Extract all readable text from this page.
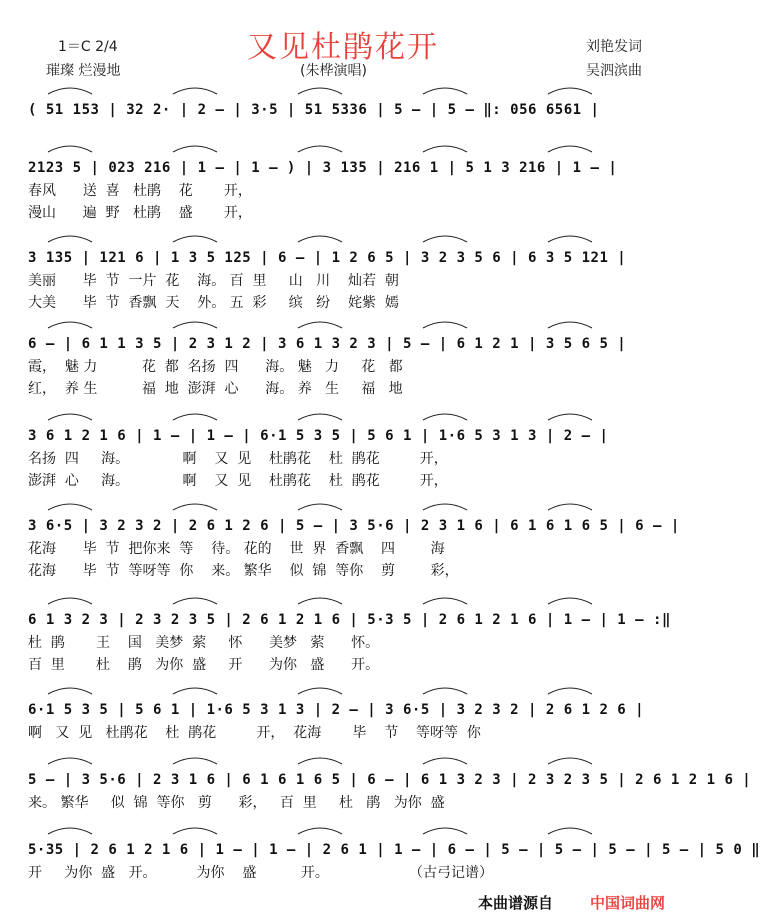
又见杜鹃花开
1＝C 2/4
璀璨 烂漫地	(朱桦演唱)
刘艳发词
吴泗滨曲
( 51 153 | 32 2· | 2 – | 3·5 | 51 5336 | 5 – | 5 – ‖: 056 6561 |
2123 5 | 023 216 | 1 – | 1 – ) | 3 135 | 216 1 | 5 1 3 216 | 1 – |
春风      送  喜   杜鹃    花       开，
漫山      遍  野   杜鹃    盛       开，
3 135 | 121 6 | 1 3 5 125 | 6 – | 1 2 6 5 | 3 2 3 5 6 | 6 3 5 121 |
美丽      毕  节  一片  花    海。 百  里     山   川    灿若  朝
大美      毕  节  香飘  天    外。 五  彩     缤   纷    姹紫  嫣
6 – | 6 1 1 3 5 | 2 3 1 2 | 3 6 1 3 2 3 | 5 – | 6 1 2 1 | 3 5 6 5 |
霞，  魅 力          花  都  名扬  四      海。 魅   力     花   都
红，  养 生          福  地  澎湃  心      海。 养   生     福   地
3 6 1 2 1 6 | 1 – | 1 – | 6·1 5 3 5 | 5 6 1 | 1·6 5 3 1 3 | 2 – |
名扬  四     海。            啊    又  见    杜鹃花    杜  鹃花         开，
澎湃  心     海。            啊    又  见    杜鹃花    杜  鹃花         开，
3 6·5 | 3 2 3 2 | 2 6 1 2 6 | 5 – | 3 5·6 | 2 3 1 6 | 6 1 6 1 6 5 | 6 – |
花海      毕  节  把你来  等    待。 花的    世  界  香飘    四        海
花海      毕  节  等呀等  你    来。 繁华    似  锦  等你    剪        彩，
6 1 3 2 3 | 2 3 2 3 5 | 2 6 1 2 1 6 | 5·3 5 | 2 6 1 2 1 6 | 1 – | 1 – :‖
杜  鹃       王    国   美梦  萦     怀      美梦   萦      怀。
百  里       杜    鹃   为你  盛     开      为你   盛      开。
6·1 5 3 5 | 5 6 1 | 1·6 5 3 1 3 | 2 – | 3 6·5 | 3 2 3 2 | 2 6 1 2 6 |
啊   又  见   杜鹃花    杜  鹃花         开，  花海       毕    节    等呀等  你
5 – | 3 5·6 | 2 3 1 6 | 6 1 6 1 6 5 | 6 – | 6 1 3 2 3 | 2 3 2 3 5 | 2 6 1 2 1 6 |
来。 繁华     似  锦  等你   剪      彩，   百  里     杜   鹃   为你  盛
5·35 | 2 6 1 2 1 6 | 1 – | 1 – | 2 6 1 | 1 – | 6 – | 5 – | 5 – | 5 – | 5 – | 5 0 ‖
开     为你  盛   开。         为你    盛          开。                  （古弓记谱）
本曲谱源自 中国词曲网
